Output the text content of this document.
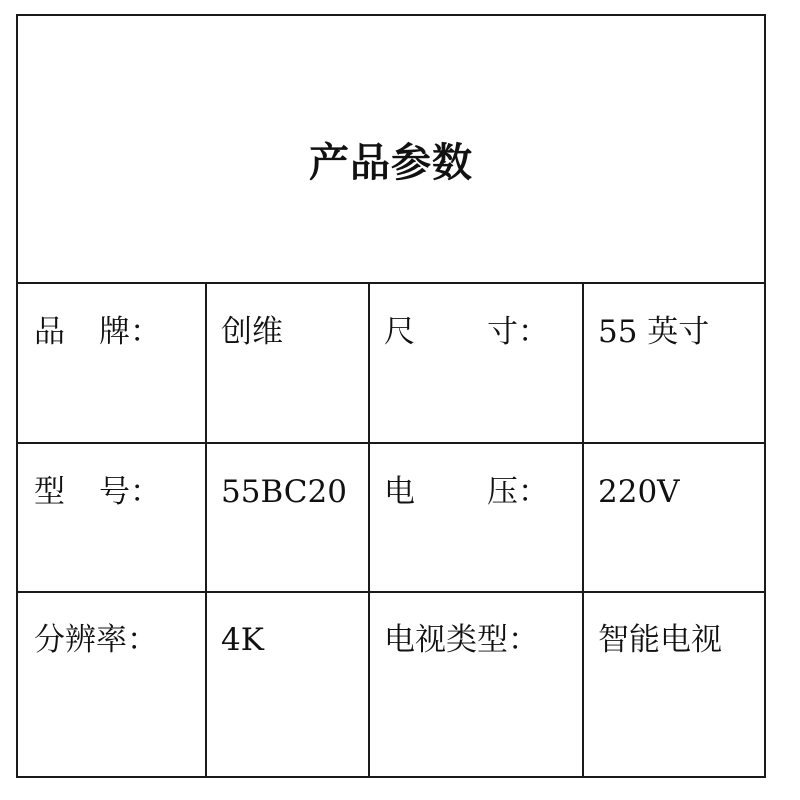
产品参数
品 牌： 创维	尺 寸： 55 英寸
型 号： 55BC20 电 压： 220V
分辨率： 4K	电视类型： 智能电视
